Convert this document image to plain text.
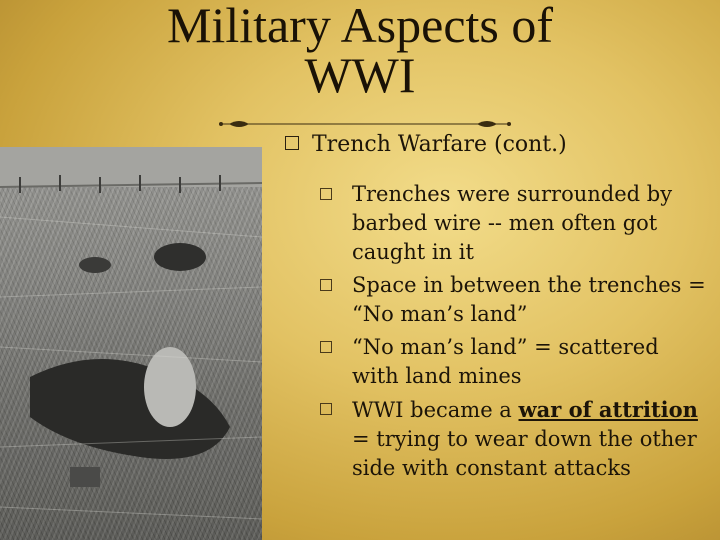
Military Aspects of WWI
Trench Warfare (cont.)
Trenches were surrounded by barbed wire -- men often got caught in it
Space in between the trenches = “No man’s land”
“No man’s land” = scattered with land mines
WWI became a war of attrition = trying to wear down the other side with constant attacks
